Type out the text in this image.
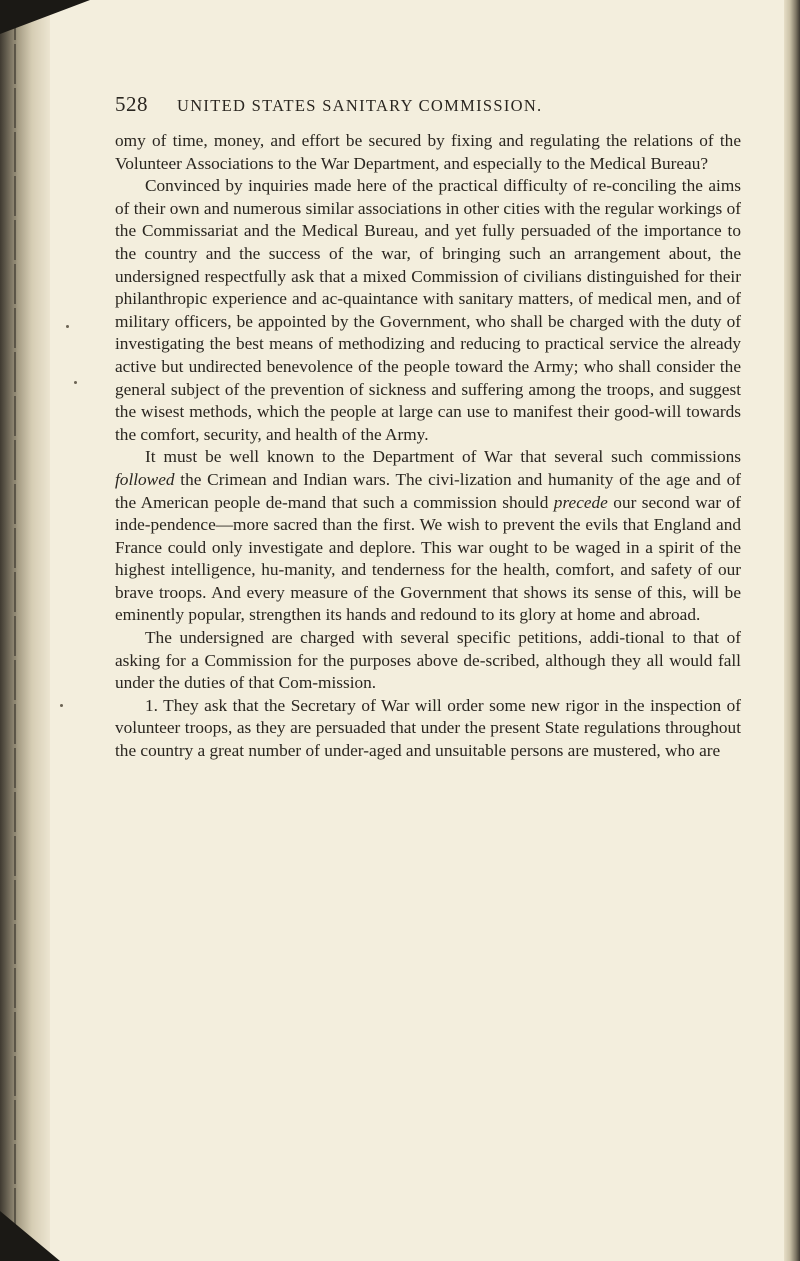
528	UNITED STATES SANITARY COMMISSION.

omy of time, money, and effort be secured by fixing and regulating the relations of the Volunteer Associations to the War Department, and especially to the Medical Bureau?

Convinced by inquiries made here of the practical difficulty of re-conciling the aims of their own and numerous similar associations in other cities with the regular workings of the Commissariat and the Medical Bureau, and yet fully persuaded of the importance to the country and the success of the war, of bringing such an arrangement about, the undersigned respectfully ask that a mixed Commission of civilians distinguished for their philanthropic experience and ac-quaintance with sanitary matters, of medical men, and of military officers, be appointed by the Government, who shall be charged with the duty of investigating the best means of methodizing and reducing to practical service the already active but undirected benevolence of the people toward the Army; who shall consider the general subject of the prevention of sickness and suffering among the troops, and suggest the wisest methods, which the people at large can use to manifest their good-will towards the comfort, security, and health of the Army.

It must be well known to the Department of War that several such commissions followed the Crimean and Indian wars. The civi-lization and humanity of the age and of the American people de-mand that such a commission should precede our second war of inde-pendence—more sacred than the first. We wish to prevent the evils that England and France could only investigate and deplore. This war ought to be waged in a spirit of the highest intelligence, hu-manity, and tenderness for the health, comfort, and safety of our brave troops. And every measure of the Government that shows its sense of this, will be eminently popular, strengthen its hands and redound to its glory at home and abroad.

The undersigned are charged with several specific petitions, addi-tional to that of asking for a Commission for the purposes above de-scribed, although they all would fall under the duties of that Com-mission.

1. They ask that the Secretary of War will order some new rigor in the inspection of volunteer troops, as they are persuaded that under the present State regulations throughout the country a great number of under-aged and unsuitable persons are mustered, who are
